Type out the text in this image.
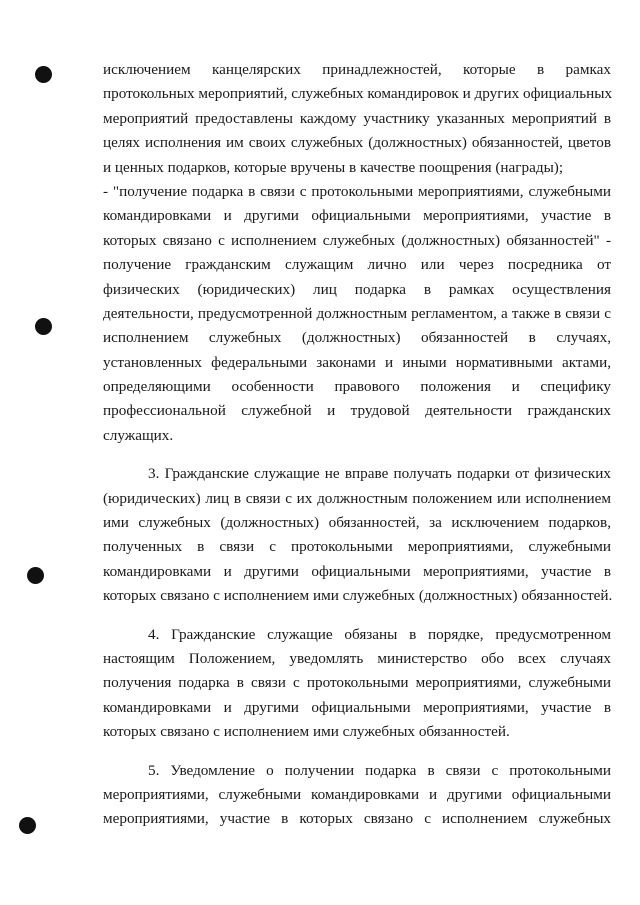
исключением канцелярских принадлежностей, которые в рамках
протокольных мероприятий, служебных командировок и других официальных
мероприятий предоставлены каждому участнику указанных мероприятий в
целях исполнения им своих служебных (должностных) обязанностей, цветов
и ценных подарков, которые вручены в качестве поощрения (награды);
- "получение подарка в связи с протокольными мероприятиями, служебными
командировками и другими официальными мероприятиями, участие в
которых связано с исполнением служебных (должностных) обязанностей" -
получение гражданским служащим лично или через посредника от
физических (юридических) лиц подарка в рамках осуществления
деятельности, предусмотренной должностным регламентом, а также в связи с
исполнением служебных (должностных) обязанностей в случаях,
установленных федеральными законами и иными нормативными актами,
определяющими особенности правового положения и специфику
профессиональной служебной и трудовой деятельности гражданских
служащих.
3. Гражданские служащие не вправе получать подарки от физических
(юридических) лиц в связи с их должностным положением или исполнением
ими служебных (должностных) обязанностей, за исключением подарков,
полученных в связи с протокольными мероприятиями, служебными
командировками и другими официальными мероприятиями, участие в
которых связано с исполнением ими служебных (должностных) обязанностей.
4. Гражданские служащие обязаны в порядке, предусмотренном
настоящим Положением, уведомлять министерство обо всех случаях
получения подарка в связи с протокольными мероприятиями, служебными
командировками и другими официальными мероприятиями, участие в
которых связано с исполнением ими служебных обязанностей.
5. Уведомление о получении подарка в связи с протокольными
мероприятиями, служебными командировками и другими официальными
мероприятиями, участие в которых связано с исполнением служебных
